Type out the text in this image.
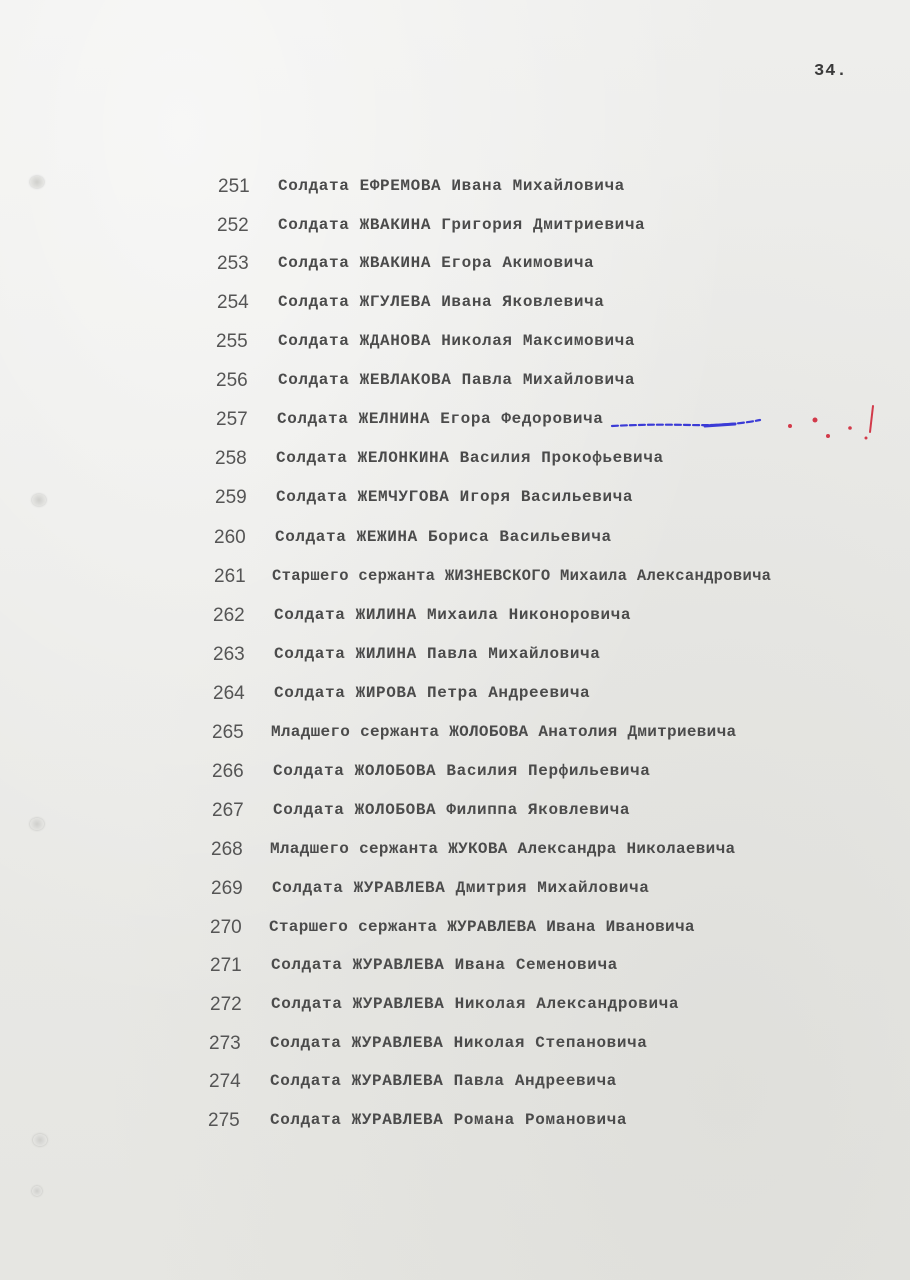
34.
251 Солдата ЕФРЕМОВА Ивана Михайловича
252 Солдата ЖВАКИНА Григория Дмитриевича
253 Солдата ЖВАКИНА Егора Акимовича
254 Солдата ЖГУЛЕВА Ивана Яковлевича
255 Солдата ЖДАНОВА Николая Максимовича
256 Солдата ЖЕВЛАКОВА Павла Михайловича
257 Солдата ЖЕЛНИНА Егора Федоровича
258 Солдата ЖЕЛОНКИНА Василия Прокофьевича
259 Солдата ЖЕМЧУГОВА Игоря Васильевича
260 Солдата ЖЕЖИНА Бориса Васильевича
261 Старшего сержанта ЖИЗНЕВСКОГО Михаила Александровича
262 Солдата ЖИЛИНА Михаила Никоноровича
263 Солдата ЖИЛИНА Павла Михайловича
264 Солдата ЖИРОВА Петра Андреевича
265 Младшего сержанта ЖОЛОБОВА Анатолия Дмитриевича
266 Солдата ЖОЛОБОВА Василия Перфильевича
267 Солдата ЖОЛОБОВА Филиппа Яковлевича
268 Младшего сержанта ЖУКОВА Александра Николаевича
269 Солдата ЖУРАВЛЕВА Дмитрия Михайловича
270 Старшего сержанта ЖУРАВЛЕВА Ивана Ивановича
271 Солдата ЖУРАВЛЕВА Ивана Семеновича
272 Солдата ЖУРАВЛЕВА Николая Александровича
273 Солдата ЖУРАВЛЕВА Николая Степановича
274 Солдата ЖУРАВЛЕВА Павла Андреевича
275 Солдата ЖУРАВЛЕВА Романа Романовича
